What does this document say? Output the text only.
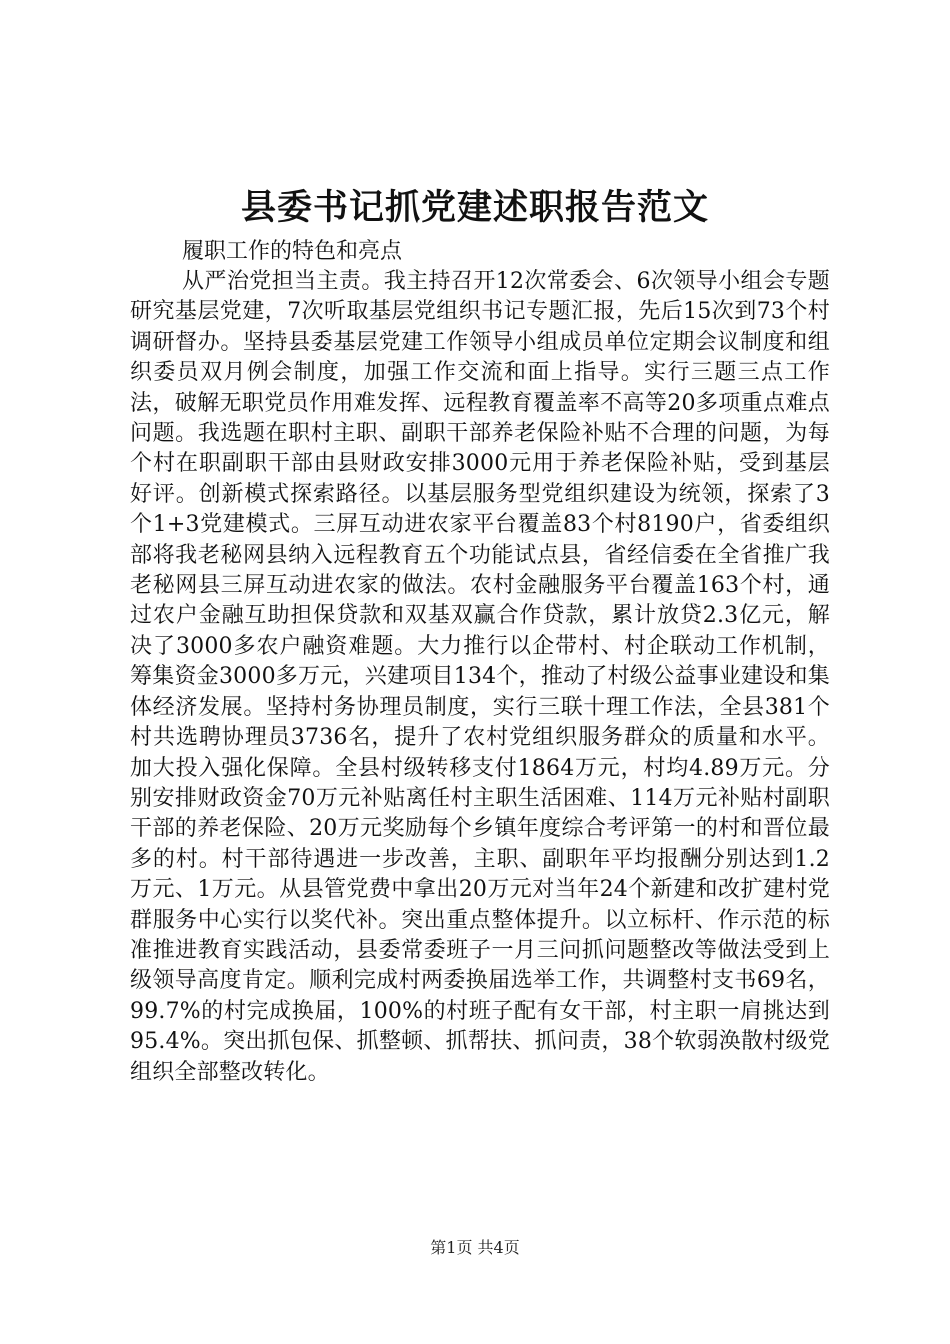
县委书记抓党建述职报告范文

履职工作的特色和亮点

从严治党担当主责。我主持召开12次常委会、6次领导小组会专题研究基层党建，7次听取基层党组织书记专题汇报，先后15次到73个村调研督办。坚持县委基层党建工作领导小组成员单位定期会议制度和组织委员双月例会制度，加强工作交流和面上指导。实行三题三点工作法，破解无职党员作用难发挥、远程教育覆盖率不高等20多项重点难点问题。我选题在职村主职、副职干部养老保险补贴不合理的问题，为每个村在职副职干部由县财政安排3000元用于养老保险补贴，受到基层好评。创新模式探索路径。以基层服务型党组织建设为统领，探索了3个1+3党建模式。三屏互动进农家平台覆盖83个村8190户，省委组织部将我老秘网县纳入远程教育五个功能试点县，省经信委在全省推广我老秘网县三屏互动进农家的做法。农村金融服务平台覆盖163个村，通过农户金融互助担保贷款和双基双赢合作贷款，累计放贷2.3亿元，解决了3000多农户融资难题。大力推行以企带村、村企联动工作机制，筹集资金3000多万元，兴建项目134个，推动了村级公益事业建设和集体经济发展。坚持村务协理员制度，实行三联十理工作法，全县381个村共选聘协理员3736名，提升了农村党组织服务群众的质量和水平。加大投入强化保障。全县村级转移支付1864万元，村均4.89万元。分别安排财政资金70万元补贴离任村主职生活困难、114万元补贴村副职干部的养老保险、20万元奖励每个乡镇年度综合考评第一的村和晋位最多的村。村干部待遇进一步改善，主职、副职年平均报酬分别达到1.2万元、1万元。从县管党费中拿出20万元对当年24个新建和改扩建村党群服务中心实行以奖代补。突出重点整体提升。以立标杆、作示范的标准推进教育实践活动，县委常委班子一月三问抓问题整改等做法受到上级领导高度肯定。顺利完成村两委换届选举工作，共调整村支书69名，99.7%的村完成换届，100%的村班子配有女干部，村主职一肩挑达到95.4%。突出抓包保、抓整顿、抓帮扶、抓问责，38个软弱涣散村级党组织全部整改转化。

第1页 共4页
